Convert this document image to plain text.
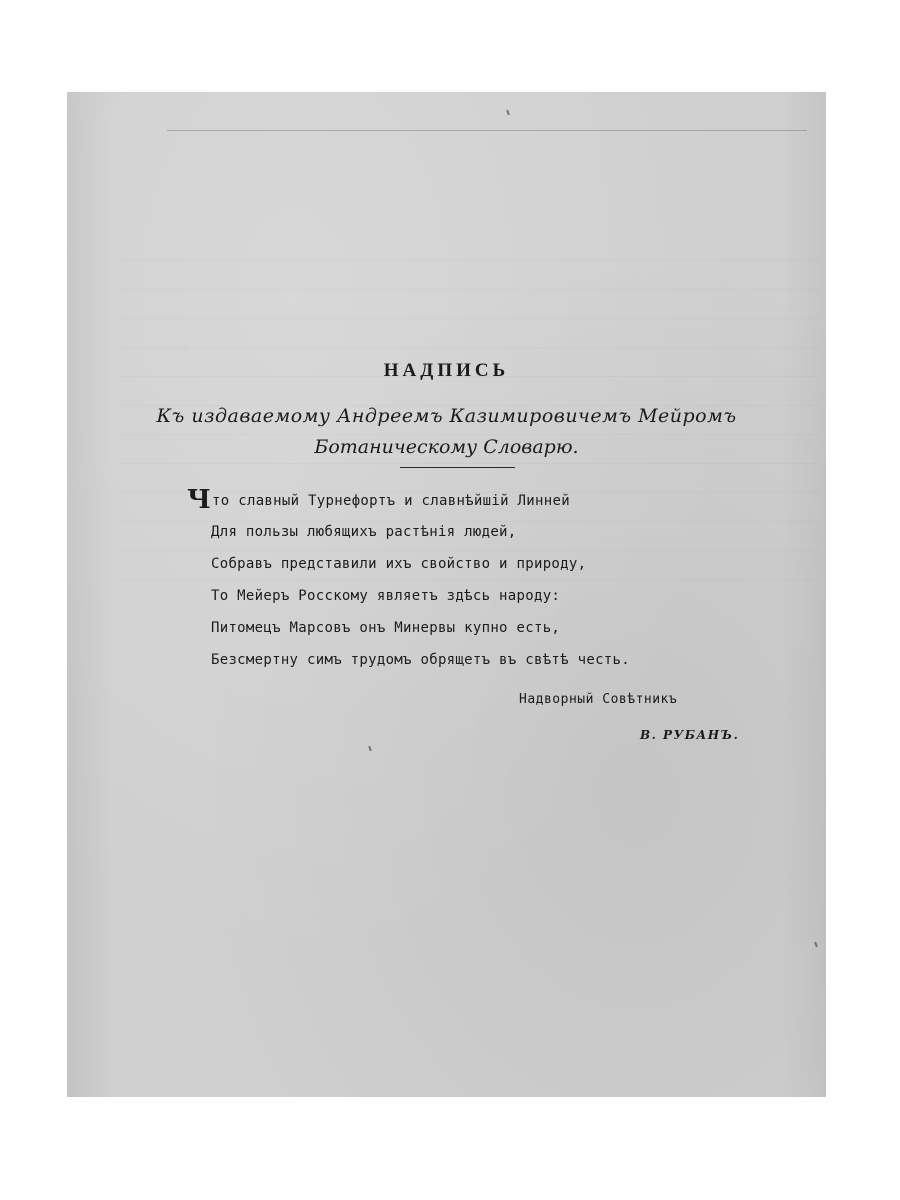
НАДПИСЬ
Къ издаваемому Андреемъ Казимировичемъ Мейромъ
Ботаническому Словарю.
Что славный Турнефортъ и славнѣйшій Линней
Для пользы любящихъ растѣнія людей,
Собравъ представили ихъ свойство и природу,
То Мейеръ Росскому являетъ здѣсь народу:
Питомецъ Марсовъ онъ Минервы купно есть,
Безсмертну симъ трудомъ обрящетъ въ свѣтѣ честь.
Надворный Совѣтникъ
В. РУБАНЪ.
